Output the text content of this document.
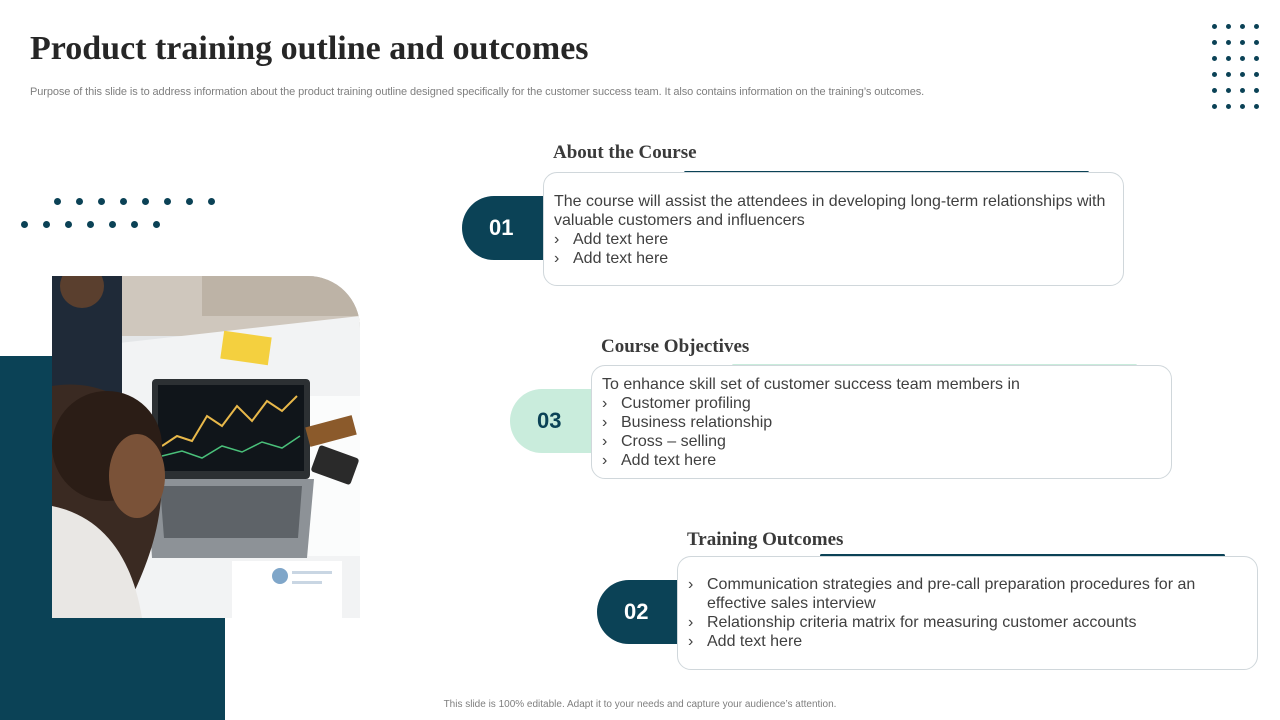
Product training outline and outcomes

Purpose of this slide is to address information about the product training outline designed specifically for the customer success team. It also contains information on the training’s outcomes.

About the Course
01

The course will assist the attendees in developing long-term relationships with valuable customers and influencers

› Add text here

› Add text here

Course Objectives
03

To enhance skill set of customer success team members in

› Customer profiling

› Business relationship

› Cross – selling

› Add text here

Training Outcomes
02

› Communication strategies and pre-call preparation procedures for an effective sales interview

› Relationship criteria matrix for measuring customer accounts

› Add text here

This slide is 100% editable. Adapt it to your needs and capture your audience’s attention.
